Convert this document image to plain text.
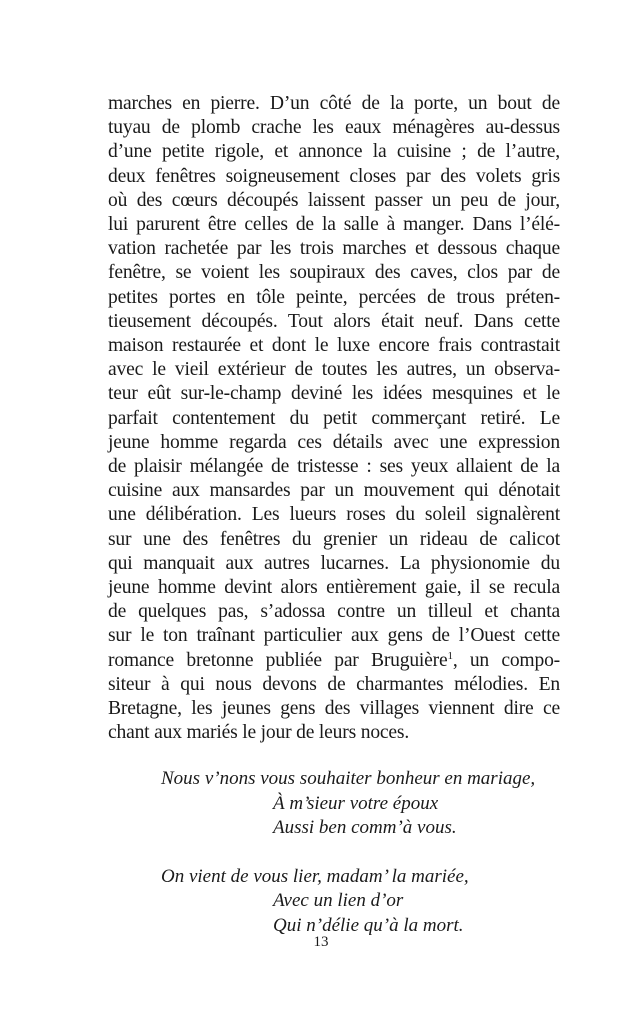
marches en pierre. D’un côté de la porte, un bout de
tuyau de plomb crache les eaux ménagères au-dessus
d’une petite rigole, et annonce la cuisine ; de l’autre,
deux fenêtres soigneusement closes par des volets gris
où des cœurs découpés laissent passer un peu de jour,
lui parurent être celles de la salle à manger. Dans l’élé-
vation rachetée par les trois marches et dessous chaque
fenêtre, se voient les soupiraux des caves, clos par de
petites portes en tôle peinte, percées de trous préten-
tieusement découpés. Tout alors était neuf. Dans cette
maison restaurée et dont le luxe encore frais contrastait
avec le vieil extérieur de toutes les autres, un observa-
teur eût sur-le-champ deviné les idées mesquines et le
parfait contentement du petit commerçant retiré. Le
jeune homme regarda ces détails avec une expression
de plaisir mélangée de tristesse : ses yeux allaient de la
cuisine aux mansardes par un mouvement qui dénotait
une délibération. Les lueurs roses du soleil signalèrent
sur une des fenêtres du grenier un rideau de calicot
qui manquait aux autres lucarnes. La physionomie du
jeune homme devint alors entièrement gaie, il se recula
de quelques pas, s’adossa contre un tilleul et chanta
sur le ton traînant particulier aux gens de l’Ouest cette
romance bretonne publiée par Bruguière$^1$, un compo-
siteur à qui nous devons de charmantes mélodies. En
Bretagne, les jeunes gens des villages viennent dire ce
chant aux mariés le jour de leurs noces.
Nous v’nons vous souhaiter bonheur en mariage,
À m’sieur votre époux
Aussi ben comm’à vous.
On vient de vous lier, madam’ la mariée,
Avec un lien d’or
Qui n’délie qu’à la mort.
13
